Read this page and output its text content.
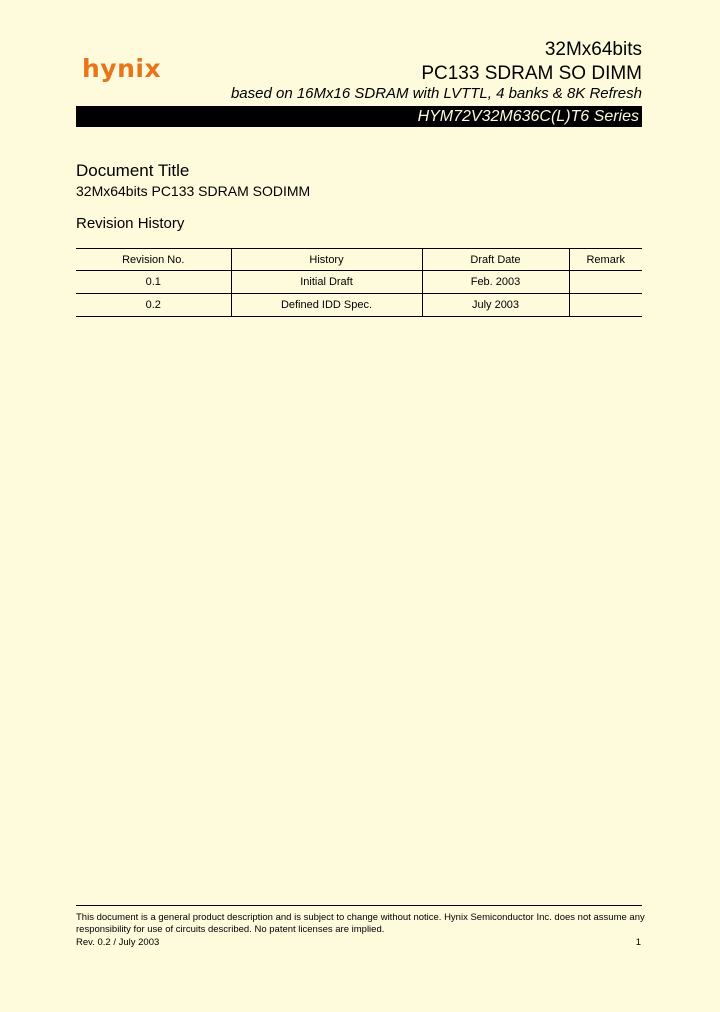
hynix
32Mx64bits
PC133 SDRAM SO DIMM
based on 16Mx16 SDRAM with LVTTL, 4 banks & 8K Refresh
HYM72V32M636C(L)T6 Series
Document Title
32Mx64bits PC133 SDRAM SODIMM
Revision History
Revision No.	History	Draft Date	Remark
0.1	Initial Draft	Feb. 2003	
0.2	Defined IDD Spec.	July 2003	
This document is a general product description and is subject to change without notice. Hynix Semiconductor Inc. does not assume any responsibility for use of circuits described. No patent licenses are implied.
Rev. 0.2 / July 2003	1
